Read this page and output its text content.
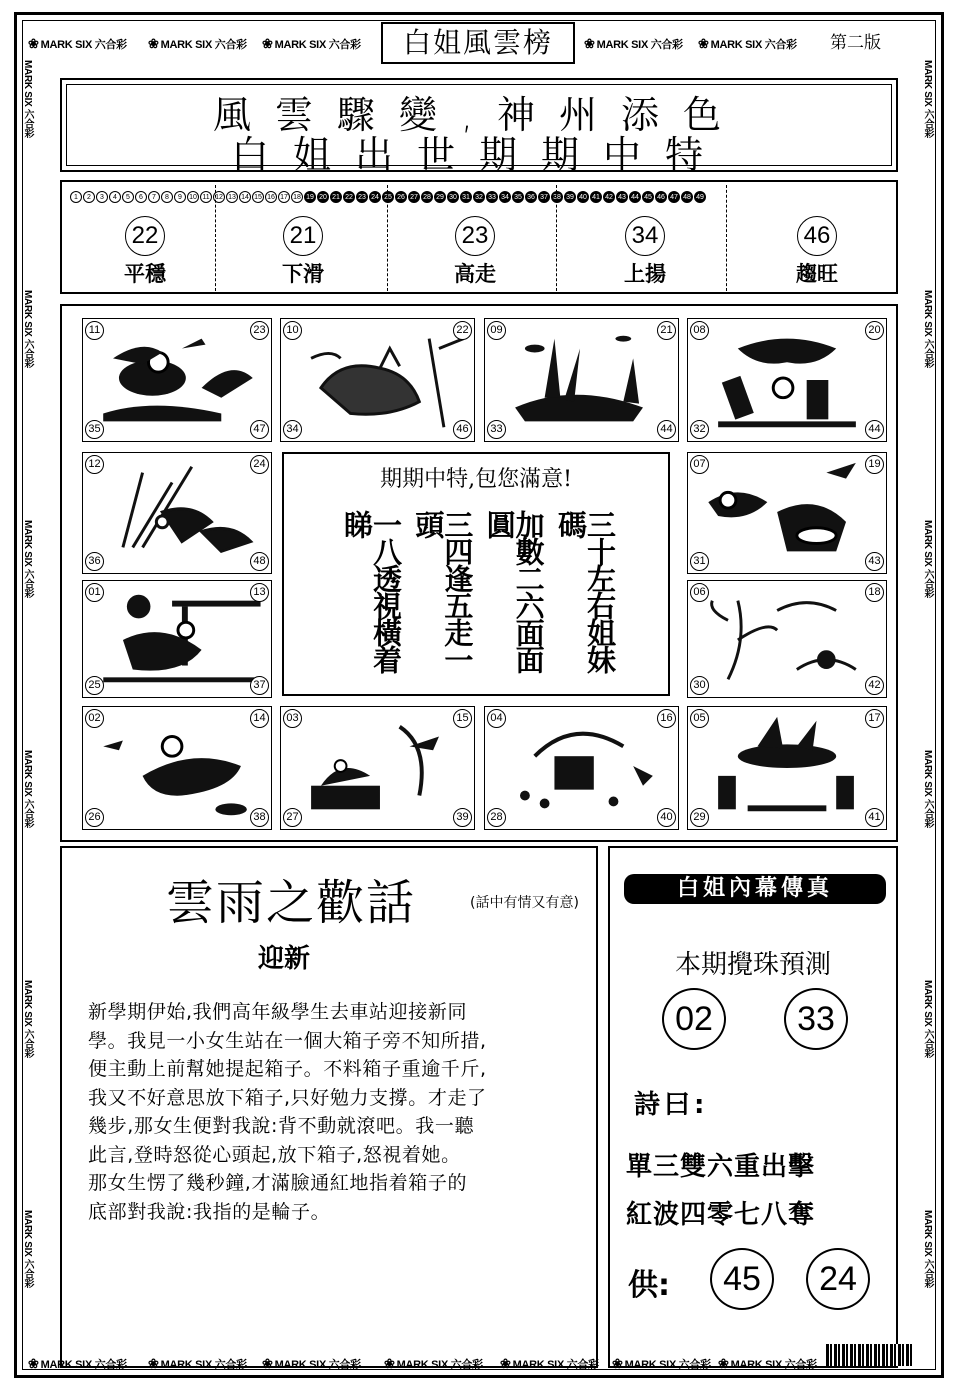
❀ MARK SIX 六合彩 ❀ MARK SIX 六合彩 ❀ MARK SIX 六合彩	❀ MARK SIX 六合彩 ❀ MARK SIX 六合彩
❀ MARK SIX 六合彩 ❀ MARK SIX 六合彩 ❀ MARK SIX 六合彩 ❀ MARK SIX 六合彩 ❀ MARK SIX 六合彩 ❀ MARK SIX 六合彩 ❀ MARK SIX 六合彩
MARK SIX 六合彩
MARK SIX 六合彩
MARK SIX 六合彩
MARK SIX 六合彩
MARK SIX 六合彩
MARK SIX 六合彩
MARK SIX 六合彩
MARK SIX 六合彩
MARK SIX 六合彩
MARK SIX 六合彩
MARK SIX 六合彩
MARK SIX 六合彩
白姐風雲榜	第二版
風雲驟變,神州添色
白姐出世期期中特
1	2	3	4	5	6	7	8	9	10 11 12 13 14 15 16 17 18 19 20 21 22 23 24 25 26 27 28 29 30 31 32 33 34 35 36 37 38 39 40 41 42 43 44 45 46 47 48 49
22
平穩
21
下滑
23
高走
34
上揚
46
趨旺
11	23
35	47
10	22
34	46
09	21
33	44
08	20
32	44
12	24
36	48
07	19
31	43
01	13
25	37
06	18
30	42
02	14
26	38
03	15
27	39
04	16
28	40
05	17
29	41
期期中特,包您滿意!
三十左右姐妹碼
加數二六面面圓
三四逢五走一頭
一八透視橫着睇
雲雨之歡話	(話中有情又有意)
迎新
新學期伊始,我們高年級學生去車站迎接新同
學。我見一小女生站在一個大箱子旁不知所措,
便主動上前幫她提起箱子。不料箱子重逾千斤,
我又不好意思放下箱子,只好勉力支撐。才走了
幾步,那女生便對我說:背不動就滾吧。我一聽
此言,登時怒從心頭起,放下箱子,怒視着她。
那女生愣了幾秒鐘,才滿臉通紅地指着箱子的
底部對我說:我指的是輪子。
白姐內幕傳真
本期攪珠預測
02	33
詩曰:
單三雙六重出擊
紅波四零七八奪
供:	45	24
